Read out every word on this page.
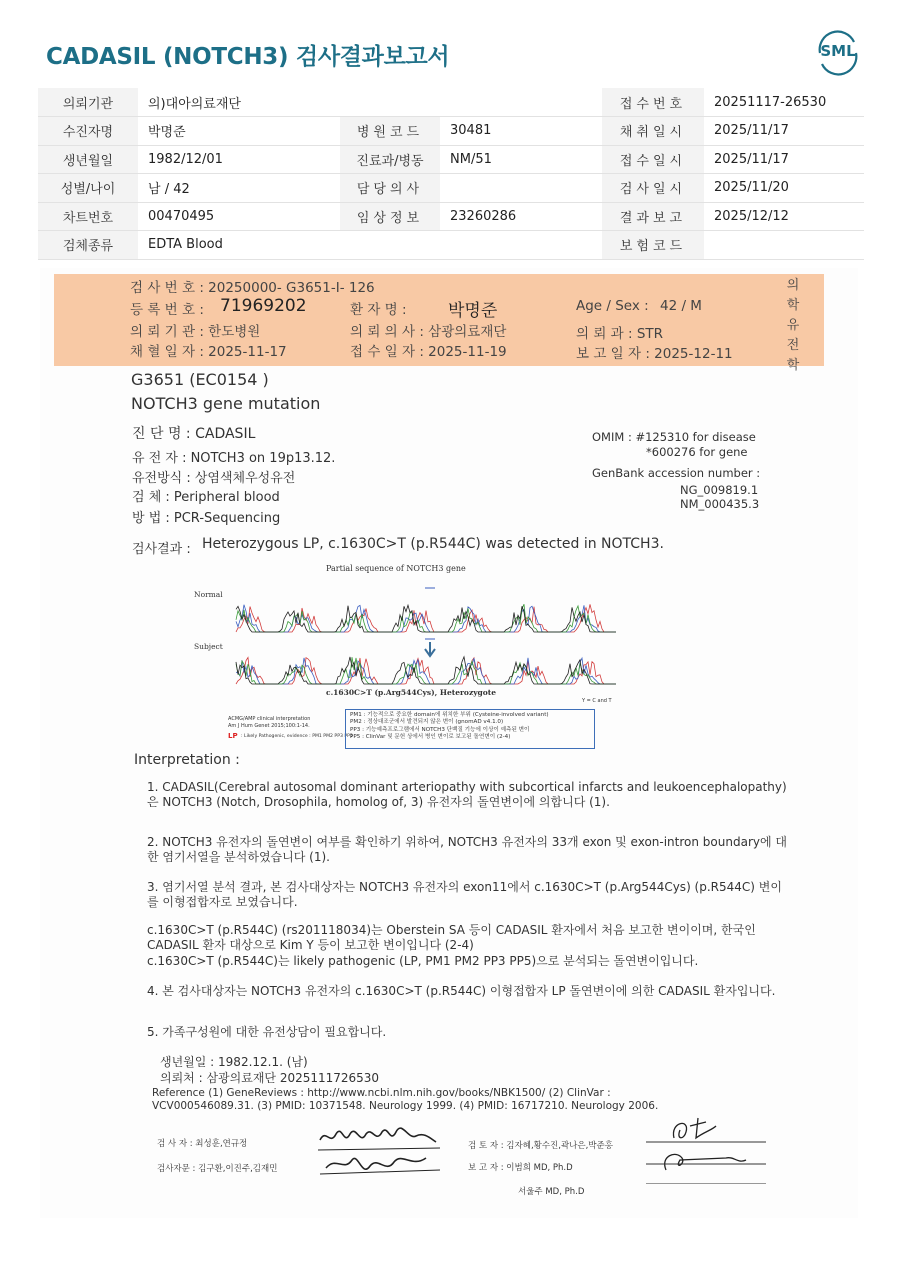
CADASIL (NOTCH3) 검사결과보고서	SML
의뢰기관	의)대아의료재단			접수번호	20251117-26530
수진자명	박명준	병원코드	30481	채취일시	2025/11/17
생년월일	1982/12/01	진료과/병동	NM/51	접수일시	2025/11/17
성별/나이	남 / 42	담당의사		검사일시	2025/11/20
차트번호	00470495	임상정보	23260286	결과보고	2025/12/12
검체종류	EDTA Blood			보험코드	
검 사 번 호 : 20250000- G3651-I- 126
등 록 번 호 : 71969202	환 자 명 : 박명준	Age / Sex : 42 / M
의 뢰 기 관 : 한도병원	의 뢰 의 사 : 삼광의료재단	의 뢰 과 : STR
채 혈 일 자 : 2025-11-17	접 수 일 자 : 2025-11-19	보 고 일 자 : 2025-12-11
의
학
유
전
학
G3651 (EC0154 )
NOTCH3 gene mutation
진 단 명 : CADASIL
유 전 자 : NOTCH3 on 19p13.12.
유전방식 : 상염색체우성유전
검 체 : Peripheral blood
방 법 : PCR-Sequencing
OMIM : #125310 for disease
*600276 for gene
GenBank accession number :
NG_009819.1
NM_000435.3
검사결과 : Heterozygous LP, c.1630C>T (p.R544C) was detected in NOTCH3.
Partial sequence of NOTCH3 gene
Normal
Subject
c.1630C>T (p.Arg544Cys), Heterozygote
Y = C and T
ACMG/AMP clinical interpretation
Am J Hum Genet 2015;100:1-14.
LP : Likely Pathogenic, evidence : PM1 PM2 PP3 PP5
PM1 : 기능적으로 중요한 domain에 위치한 부위 (Cysteine-involved variant)
PM2 : 정상대조군에서 발견되지 않은 변이 (gnomAD v4.1.0)
PP3 : 기능예측프로그램에서 NOTCH3 단백질 기능에 이상이 예측된 변이
PP5 : ClinVar 및 문헌 상에서 병인 변이로 보고된 돌연변이 (2-4)
Interpretation :
1. CADASIL(Cerebral autosomal dominant arteriopathy with subcortical infarcts and leukoencephalopathy)은 NOTCH3 (Notch, Drosophila, homolog of, 3) 유전자의 돌연변이에 의합니다 (1).
2. NOTCH3 유전자의 돌연변이 여부를 확인하기 위하여, NOTCH3 유전자의 33개 exon 및 exon-intron boundary에 대한 염기서열을 분석하였습니다 (1).
3. 염기서열 분석 결과, 본 검사대상자는 NOTCH3 유전자의 exon11에서 c.1630C>T (p.Arg544Cys) (p.R544C) 변이를 이형접합자로 보였습니다.
c.1630C>T (p.R544C) (rs201118034)는 Oberstein SA 등이 CADASIL 환자에서 처음 보고한 변이이며, 한국인 CADASIL 환자 대상으로 Kim Y 등이 보고한 변이입니다 (2-4)
c.1630C>T (p.R544C)는 likely pathogenic (LP, PM1 PM2 PP3 PP5)으로 분석되는 돌연변이입니다.
4. 본 검사대상자는 NOTCH3 유전자의 c.1630C>T (p.R544C) 이형접합자 LP 돌연변이에 의한 CADASIL 환자입니다.
5. 가족구성원에 대한 유전상담이 필요합니다.
생년월일 : 1982.12.1. (남)
의뢰처 : 삼광의료재단 2025111726530
Reference (1) GeneReviews : http://www.ncbi.nlm.nih.gov/books/NBK1500/ (2) ClinVar : VCV000546089.31. (3) PMID: 10371548. Neurology 1999. (4) PMID: 16717210. Neurology 2006.
검 사 자 : 최성훈,연규정
검사자문 : 김구환,이진주,김재민
검 토 자 : 김자혜,황수진,곽나은,박준홍
보 고 자 : 이범희 MD, Ph.D
서울주 MD, Ph.D
